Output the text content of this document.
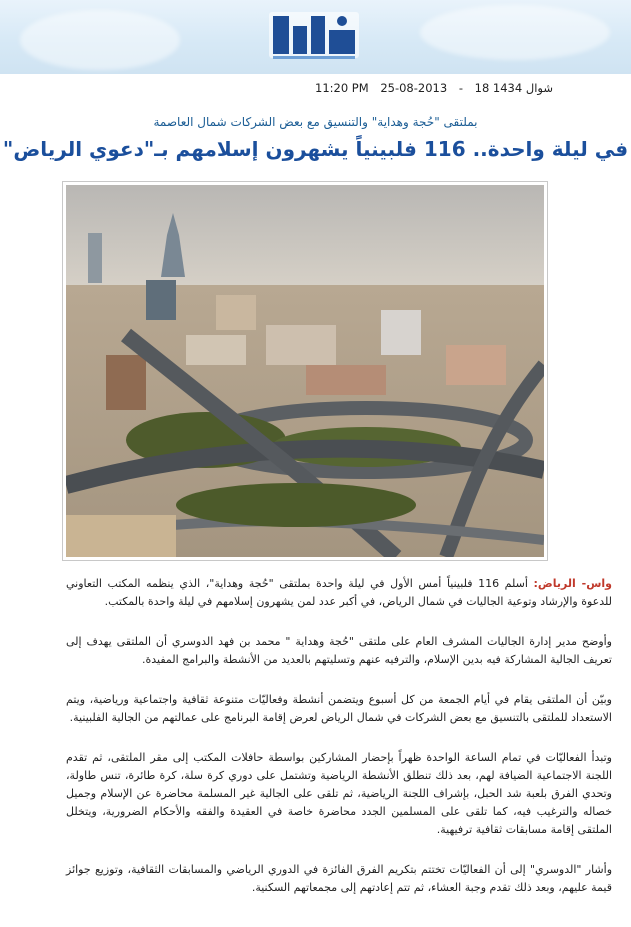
11:20 PM 25-08-2013 - 18 شوال 1434
بملتقى "حُجة وهداية" والتنسيق مع بعض الشركات شمال العاصمة
في ليلة واحدة.. 116 فلبينياً يشهرون إسلامهم بـ"دعوي الرياض"

واس- الرياض: أسلم 116 فلبينياً أمس الأول في ليلة واحدة بملتقى "حُجة وهداية"، الذي ينظمه المكتب التعاوني للدعوة والإرشاد وتوعية الجاليات في شمال الرياض، في أكبر عدد لمن يشهرون إسلامهم في ليلة واحدة بالمكتب.

وأوضح مدير إدارة الجاليات المشرف العام على ملتقى "حُجة وهداية " محمد بن فهد الدوسري أن الملتقى يهدف إلى تعريف الجالية المشاركة فيه بدين الإسلام، والترفيه عنهم وتسليتهم بالعديد من الأنشطة والبرامج المفيدة.

وبيّن أن الملتقى يقام في أيام الجمعة من كل أسبوع ويتضمن أنشطة وفعاليّات متنوعة ثقافية واجتماعية ورياضية، ويتم الاستعداد للملتقى بالتنسيق مع بعض الشركات في شمال الرياض لعرض إقامة البرنامج على عمالتهم من الجالية الفلبينية.

وتبدأ الفعاليّات في تمام الساعة الواحدة ظهراً بإحضار المشاركين بواسطة حافلات المكتب إلى مقر الملتقى، ثم تقدم اللجنة الاجتماعية الضيافة لهم، بعد ذلك تنطلق الأنشطة الرياضية وتشتمل على دوري كرة سلة، كرة طائرة، تنس طاولة، وتحدي الفرق بلعبة شد الحبل، بإشراف اللجنة الرياضية، ثم تلقى على الجالية غير المسلمة محاضرة عن الإسلام وجميل خصاله والترغيب فيه، كما تلقى على المسلمين الجدد محاضرة خاصة في العقيدة والفقه والأحكام الضرورية، ويتخلل الملتقى إقامة مسابقات ثقافية ترفيهية.

وأشار "الدوسري" إلى أن الفعاليّات تختتم بتكريم الفرق الفائزة في الدوري الرياضي والمسابقات الثقافية، وتوزيع جوائز قيمة عليهم، وبعد ذلك تقدم وجبة العشاء، ثم تتم إعادتهم إلى مجمعاتهم السكنية.
